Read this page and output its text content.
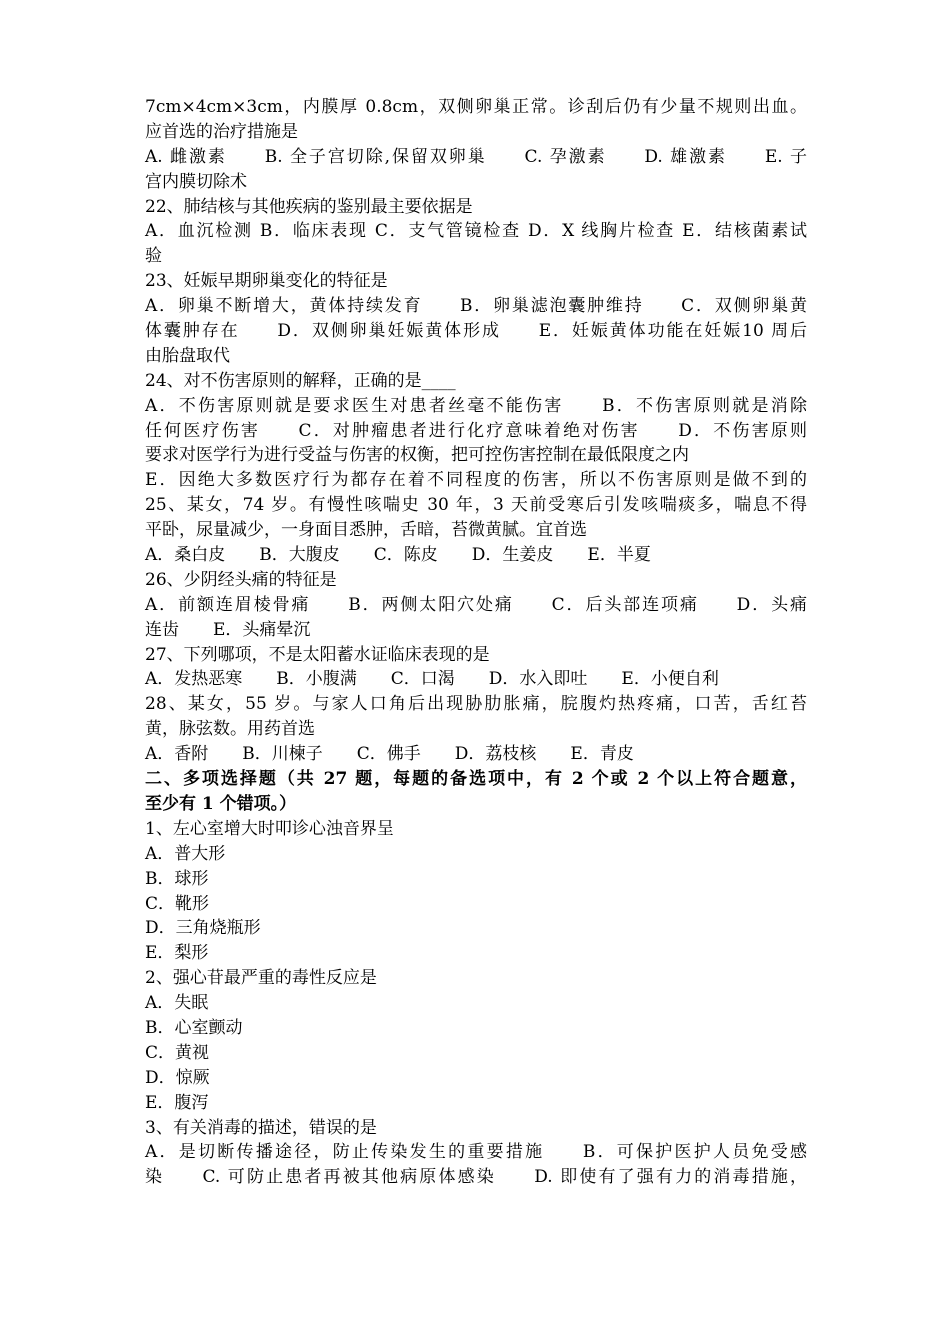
7cm×4cm×3cm，内膜厚 0.8cm，双侧卵巢正常。诊刮后仍有少量不规则出血。
应首选的治疗措施是
A. 雌激素　　B. 全子宫切除,保留双卵巢　　C. 孕激素　　D. 雄激素　　E. 子
宫内膜切除术
22、肺结核与其他疾病的鉴别最主要依据是
A．血沉检测 B．临床表现 C．支气管镜检查 D．X 线胸片检查 E．结核菌素试
验
23、妊娠早期卵巢变化的特征是
A．卵巢不断增大，黄体持续发育　　B．卵巢滤泡囊肿维持　　C．双侧卵巢黄
体囊肿存在　　D．双侧卵巢妊娠黄体形成　　E．妊娠黄体功能在妊娠10 周后
由胎盘取代
24、对不伤害原则的解释，正确的是____
A．不伤害原则就是要求医生对患者丝毫不能伤害　　B．不伤害原则就是消除
任何医疗伤害　　C．对肿瘤患者进行化疗意味着绝对伤害　　D．不伤害原则
要求对医学行为进行受益与伤害的权衡，把可控伤害控制在最低限度之内
E．因绝大多数医疗行为都存在着不同程度的伤害，所以不伤害原则是做不到的
25、某女，74 岁。有慢性咳喘史 30 年，3 天前受寒后引发咳喘痰多，喘息不得
平卧，尿量减少，一身面目悉肿，舌暗，苔微黄腻。宜首选
A．桑白皮　　B．大腹皮　　C．陈皮　　D．生姜皮　　E．半夏
26、少阴经头痛的特征是
A．前额连眉棱骨痛　　B．两侧太阳穴处痛　　C．后头部连项痛　　D．头痛
连齿　　E．头痛晕沉
27、下列哪项，不是太阳蓄水证临床表现的是
A．发热恶寒　　B．小腹满　　C．口渴　　D．水入即吐　　E．小便自利
28、某女，55 岁。与家人口角后出现胁肋胀痛，脘腹灼热疼痛，口苦，舌红苔
黄，脉弦数。用药首选
A．香附　　B．川楝子　　C．佛手　　D．荔枝核　　E．青皮
二、多项选择题（共 27 题，每题的备选项中，有 2 个或 2 个以上符合题意，
至少有 1 个错项。）
1、左心室增大时叩诊心浊音界呈
A．普大形
B．球形
C．靴形
D．三角烧瓶形
E．梨形
2、强心苷最严重的毒性反应是
A．失眠
B．心室颤动
C．黄视
D．惊厥
E．腹泻
3、有关消毒的描述，错误的是
A．是切断传播途径，防止传染发生的重要措施　　B．可保护医护人员免受感
染　　C. 可防止患者再被其他病原体感染　　D. 即使有了强有力的消毒措施，
